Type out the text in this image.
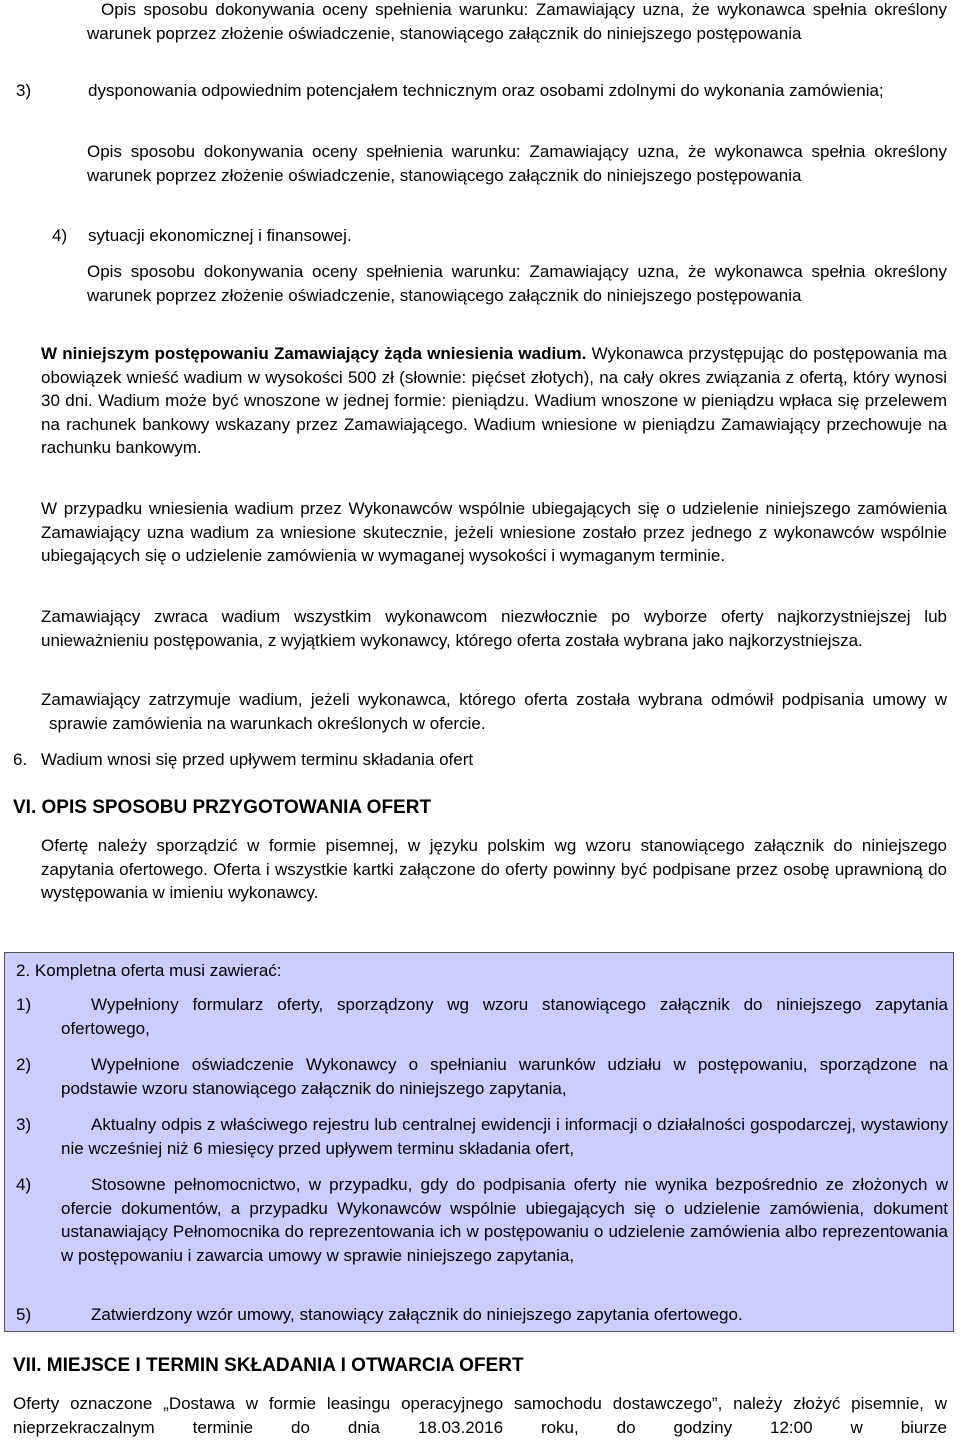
Opis sposobu dokonywania oceny spełnienia warunku: Zamawiający uzna, że wykonawca spełnia określony warunek poprzez złożenie oświadczenie, stanowiącego załącznik do niniejszego postępowania

3)	dysponowania odpowiednim potencjałem technicznym oraz osobami zdolnymi do wykonania zamówienia;

Opis sposobu dokonywania oceny spełnienia warunku: Zamawiający uzna, że wykonawca spełnia określony warunek poprzez złożenie oświadczenie, stanowiącego załącznik do niniejszego postępowania

4) sytuacji ekonomicznej i finansowej.

Opis sposobu dokonywania oceny spełnienia warunku: Zamawiający uzna, że wykonawca spełnia określony warunek poprzez złożenie oświadczenie, stanowiącego załącznik do niniejszego postępowania

W niniejszym postępowaniu Zamawiający żąda wniesienia wadium. Wykonawca przystępując do postępowania ma obowiązek wnieść wadium w wysokości 500 zł (słownie: pięćset złotych), na cały okres związania z ofertą, który wynosi 30 dni. Wadium może być wnoszone w jednej formie: pieniądzu. Wadium wnoszone w pieniądzu wpłaca się przelewem na rachunek bankowy wskazany przez Zamawiającego. Wadium wniesione w pieniądzu Zamawiający przechowuje na rachunku bankowym.

W przypadku wniesienia wadium przez Wykonawców wspólnie ubiegających się o udzielenie niniejszego zamówienia Zamawiający uzna wadium za wniesione skutecznie, jeżeli wniesione zostało przez jednego z wykonawców wspólnie ubiegających się o udzielenie zamówienia w wymaganej wysokości i wymaganym terminie.

Zamawiający zwraca wadium wszystkim wykonawcom niezwłocznie po wyborze oferty najkorzystniejszej lub unieważnieniu postępowania, z wyjątkiem wykonawcy, którego oferta została wybrana jako najkorzystniejsza.

Zamawiający zatrzymuje wadium, jeżeli wykonawca, którego oferta została wybrana odmówił podpisania umowy w sprawie zamówienia na warunkach określonych w ofercie.

6. Wadium wnosi się przed upływem terminu składania ofert

VI. OPIS SPOSOBU PRZYGOTOWANIA OFERT

Ofertę należy sporządzić w formie pisemnej, w języku polskim wg wzoru stanowiącego załącznik do niniejszego zapytania ofertowego. Oferta i wszystkie kartki załączone do oferty powinny być podpisane przez osobę uprawnioną do występowania w imieniu wykonawcy.

2. Kompletna oferta musi zawierać:
1)	Wypełniony formularz oferty, sporządzony wg wzoru stanowiącego załącznik do niniejszego zapytania ofertowego,

2)	Wypełnione oświadczenie Wykonawcy o spełnianiu warunków udziału w postępowaniu, sporządzone na podstawie wzoru stanowiącego załącznik do niniejszego zapytania,

3)	Aktualny odpis z właściwego rejestru lub centralnej ewidencji i informacji o działalności gospodarczej, wystawiony nie wcześniej niż 6 miesięcy przed upływem terminu składania ofert,

4)	Stosowne pełnomocnictwo, w przypadku, gdy do podpisania oferty nie wynika bezpośrednio ze złożonych w ofercie dokumentów, a przypadku Wykonawców wspólnie ubiegających się o udzielenie zamówienia, dokument ustanawiający Pełnomocnika do reprezentowania ich w postępowaniu o udzielenie zamówienia albo reprezentowania w postępowaniu i zawarcia umowy w sprawie niniejszego zapytania,

5)	Zatwierdzony wzór umowy, stanowiący załącznik do niniejszego zapytania ofertowego.

VII. MIEJSCE I TERMIN SKŁADANIA I OTWARCIA OFERT

Oferty oznaczone „Dostawa w formie leasingu operacyjnego samochodu dostawczego”, należy złożyć pisemnie, w nieprzekraczalnym terminie do dnia 18.03.2016 roku, do godziny 12:00 w biurze
